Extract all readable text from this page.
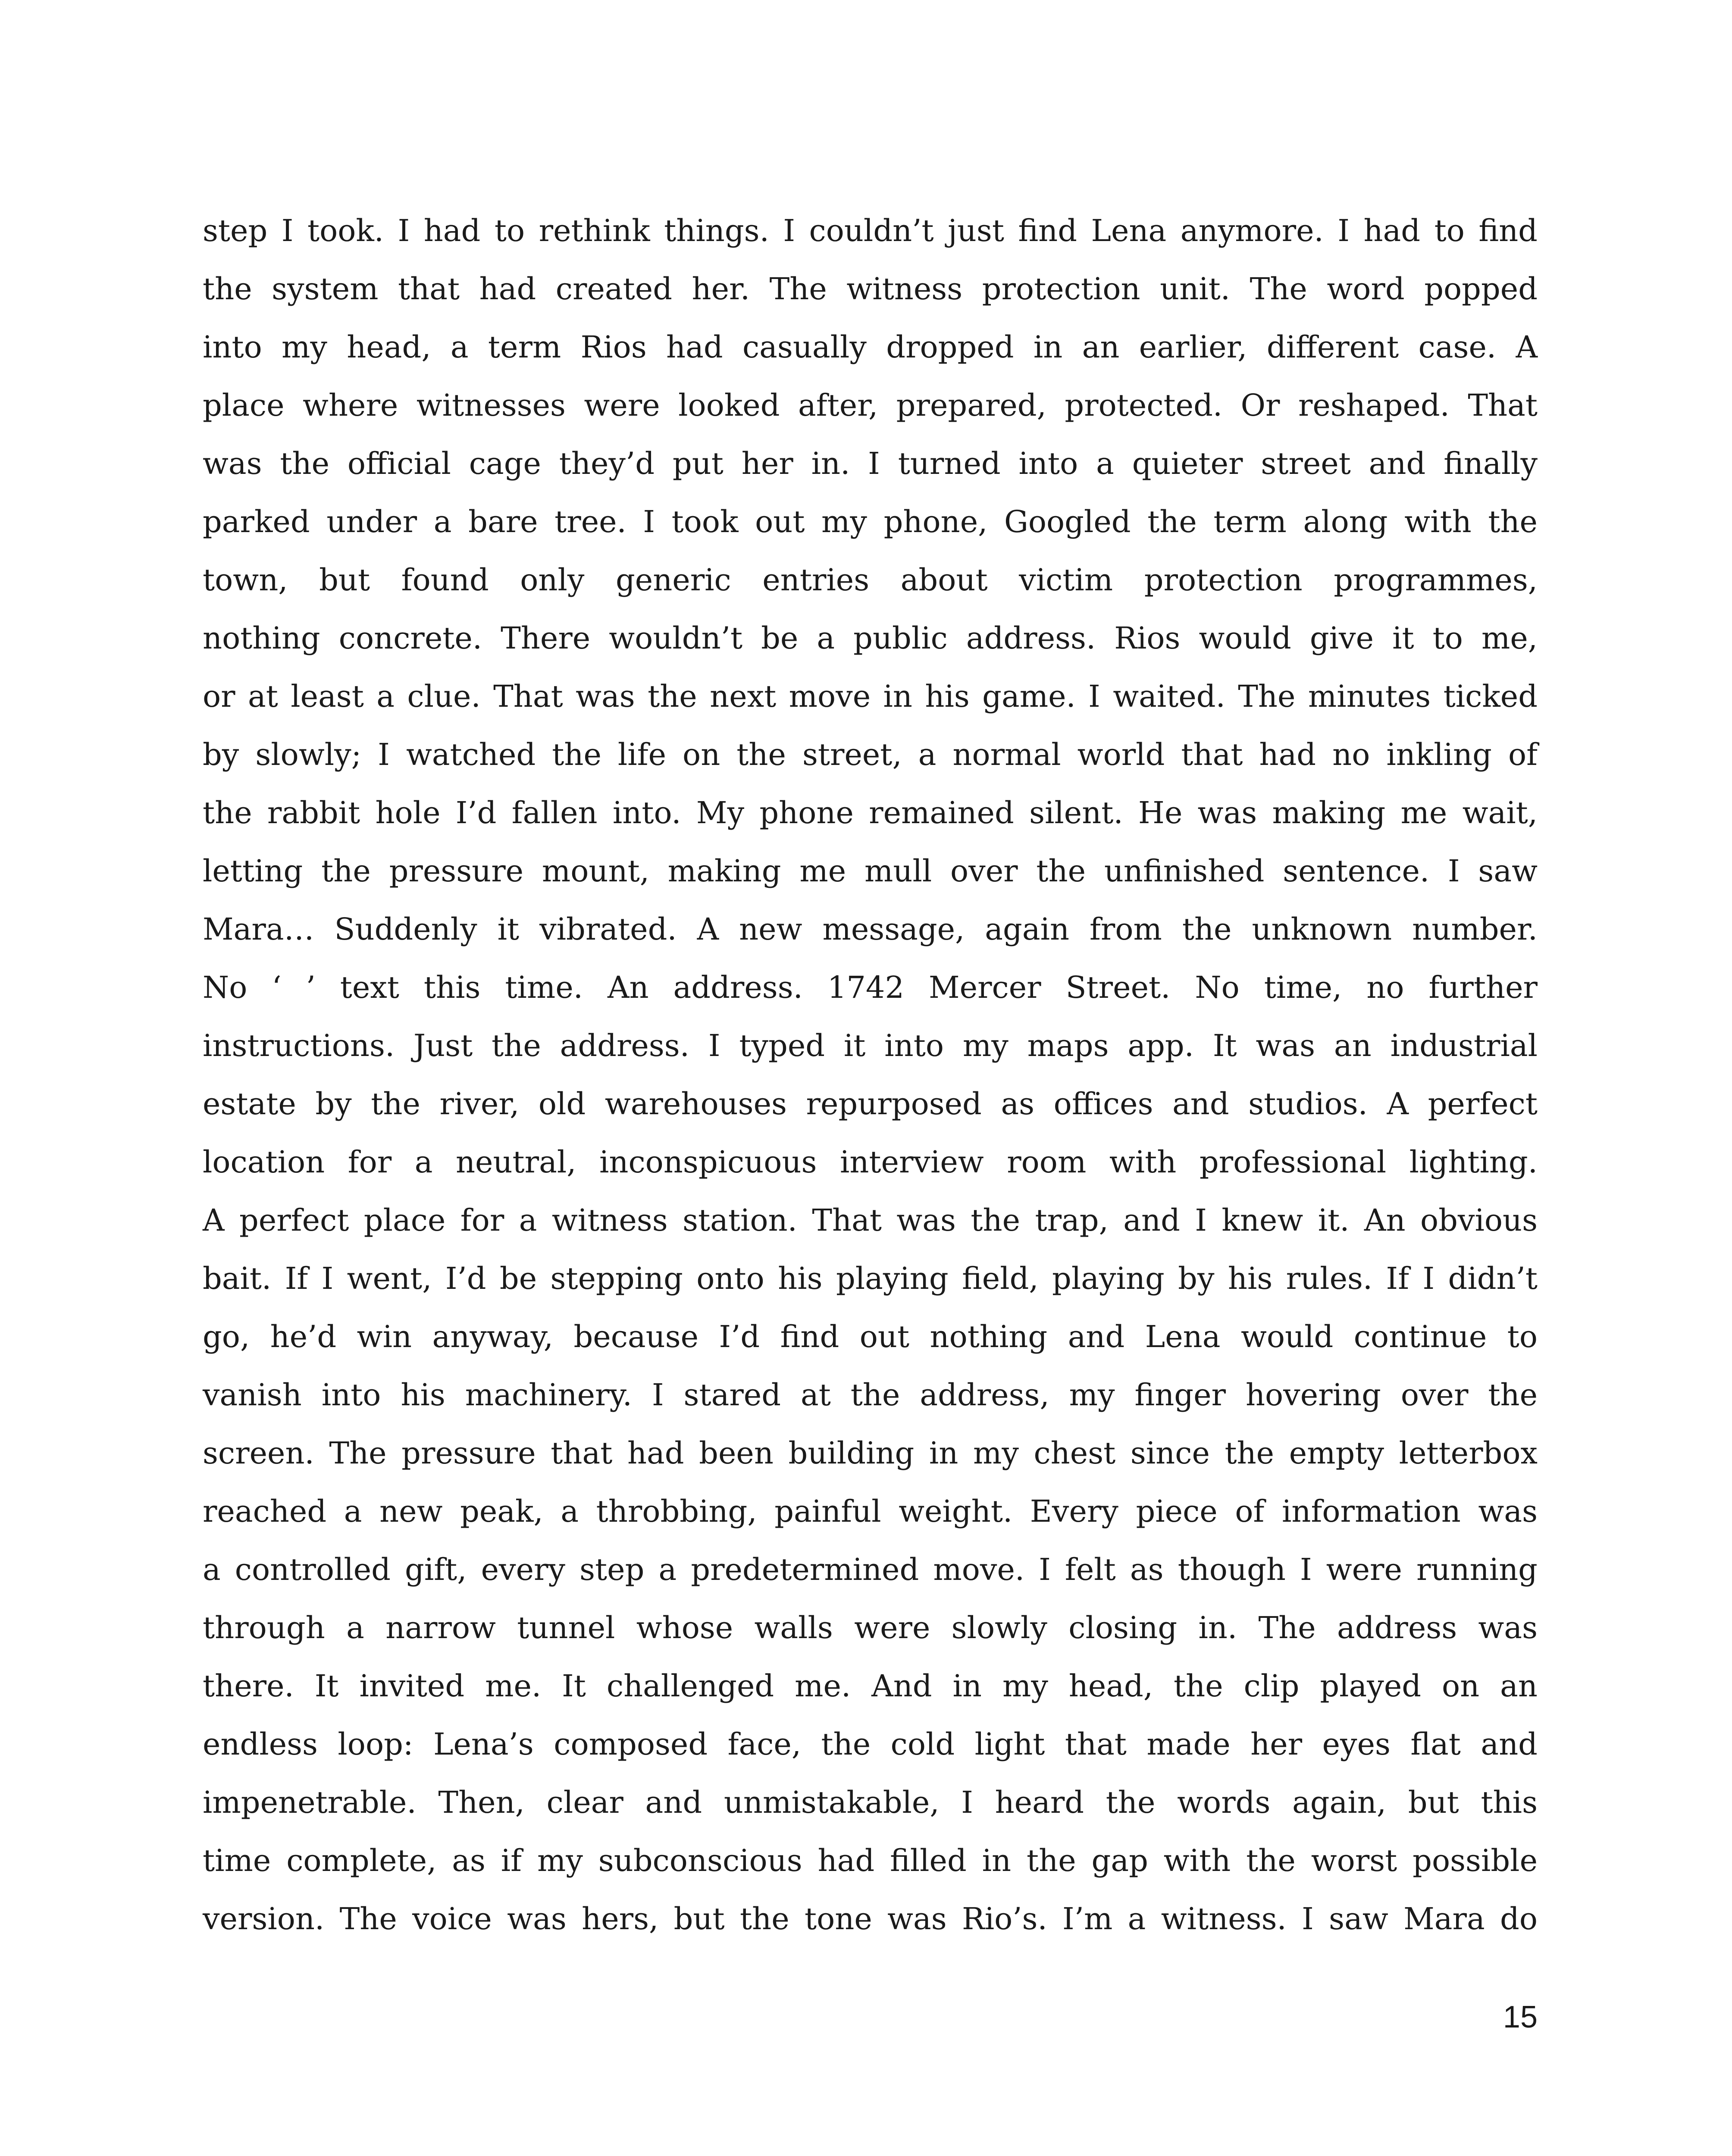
step I took. I had to rethink things. I couldn’t just find Lena anymore. I had to find
the system that had created her. The witness protection unit. The word popped
into my head, a term Rios had casually dropped in an earlier, different case. A
place where witnesses were looked after, prepared, protected. Or reshaped. That
was the official cage they’d put her in. I turned into a quieter street and finally
parked under a bare tree. I took out my phone, Googled the term along with the
town, but found only generic entries about victim protection programmes,
nothing concrete. There wouldn’t be a public address. Rios would give it to me,
or at least a clue. That was the next move in his game. I waited. The minutes ticked
by slowly; I watched the life on the street, a normal world that had no inkling of
the rabbit hole I’d fallen into. My phone remained silent. He was making me wait,
letting the pressure mount, making me mull over the unfinished sentence. I saw
Mara… Suddenly it vibrated. A new message, again from the unknown number.
No ‘ ’ text this time. An address. 1742 Mercer Street. No time, no further
instructions. Just the address. I typed it into my maps app. It was an industrial
estate by the river, old warehouses repurposed as offices and studios. A perfect
location for a neutral, inconspicuous interview room with professional lighting.
A perfect place for a witness station. That was the trap, and I knew it. An obvious
bait. If I went, I’d be stepping onto his playing field, playing by his rules. If I didn’t
go, he’d win anyway, because I’d find out nothing and Lena would continue to
vanish into his machinery. I stared at the address, my finger hovering over the
screen. The pressure that had been building in my chest since the empty letterbox
reached a new peak, a throbbing, painful weight. Every piece of information was
a controlled gift, every step a predetermined move. I felt as though I were running
through a narrow tunnel whose walls were slowly closing in. The address was
there. It invited me. It challenged me. And in my head, the clip played on an
endless loop: Lena’s composed face, the cold light that made her eyes flat and
impenetrable. Then, clear and unmistakable, I heard the words again, but this
time complete, as if my subconscious had filled in the gap with the worst possible
version. The voice was hers, but the tone was Rio’s. I’m a witness. I saw Mara do
15
